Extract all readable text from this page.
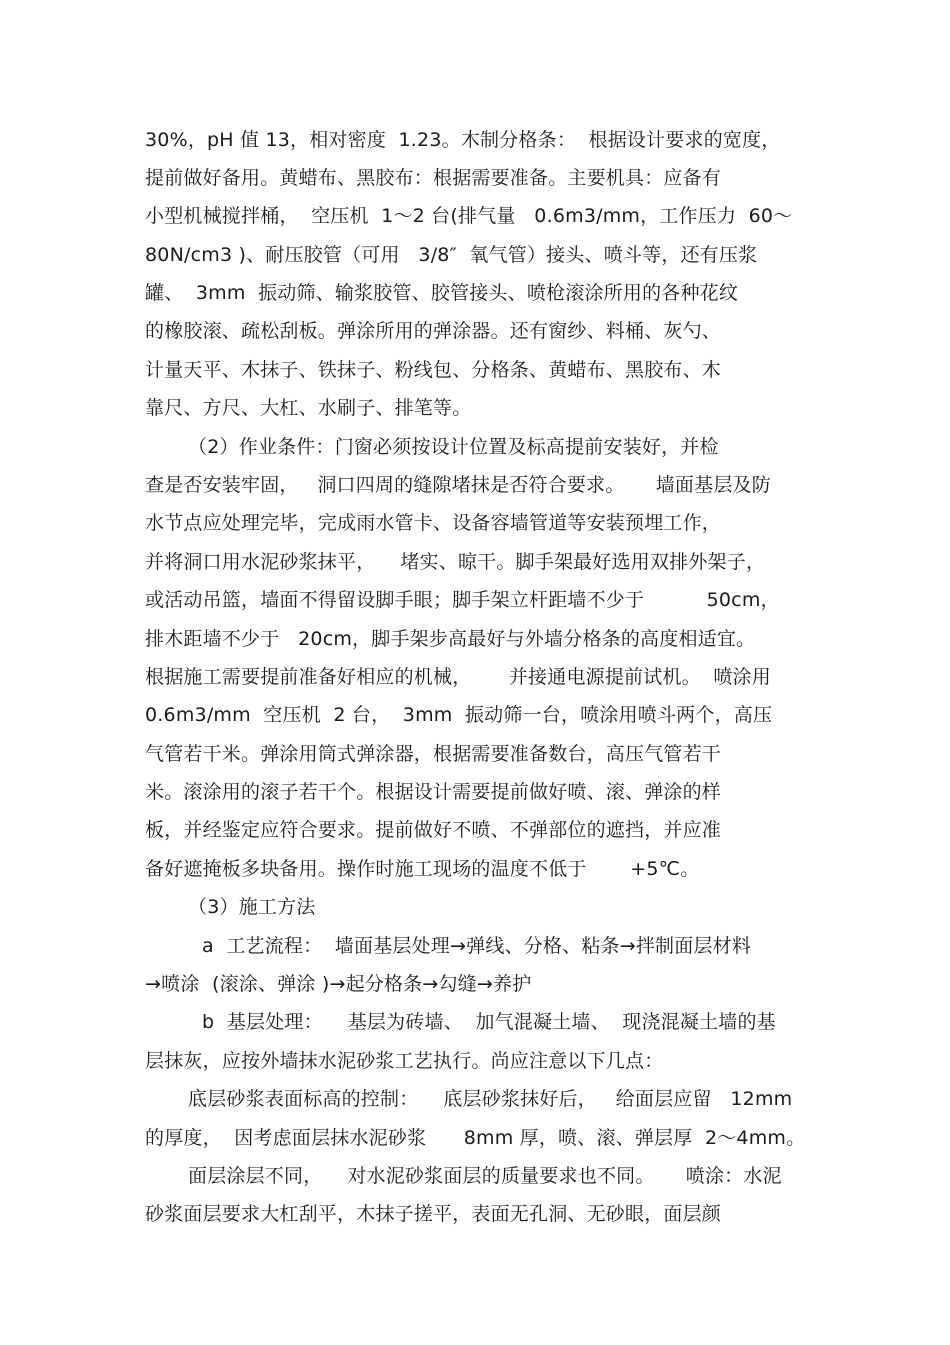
30%，pH 值 13，相对密度  1.23。木制分格条：  根据设计要求的宽度，
提前做好备用。黄蜡布、黑胶布：根据需要准备。主要机具：应备有
小型机械搅拌桶，  空压机  1～2 台(排气量   0.6m3/mm，工作压力  60～
80N/cm3 )、耐压胶管（可用   3/8″  氧气管）接头、喷斗等，还有压浆
罐、  3mm  振动筛、输浆胶管、胶管接头、喷枪滚涂所用的各种花纹
的橡胶滚、疏松刮板。弹涂所用的弹涂器。还有窗纱、料桶、灰勺、
计量天平、木抹子、铁抹子、粉线包、分格条、黄蜡布、黑胶布、木
靠尺、方尺、大杠、水刷子、排笔等。
（2）作业条件：门窗必须按设计位置及标高提前安装好，并检
查是否安装牢固，   洞口四周的缝隙堵抹是否符合要求。     墙面基层及防
水节点应处理完毕，完成雨水管卡、设备容墙管道等安装预埋工作，
并将洞口用水泥砂浆抹平，    堵实、晾干。脚手架最好选用双排外架子，
或活动吊篮，墙面不得留设脚手眼；脚手架立杆距墙不少于          50cm，
排木距墙不少于   20cm，脚手架步高最好与外墙分格条的高度相适宜。
根据施工需要提前准备好相应的机械，      并接通电源提前试机。  喷涂用
0.6m3/mm  空压机  2 台，  3mm  振动筛一台，喷涂用喷斗两个，高压
气管若干米。弹涂用筒式弹涂器，根据需要准备数台，高压气管若干
米。滚涂用的滚子若干个。根据设计需要提前做好喷、滚、弹涂的样
板，并经鉴定应符合要求。提前做好不喷、不弹部位的遮挡，并应准
备好遮掩板多块备用。操作时施工现场的温度不低于       +5℃。
（3）施工方法
a  工艺流程：  墙面基层处理→弹线、分格、粘条→拌制面层材料
→喷涂  (滚涂、弹涂 )→起分格条→勾缝→养护
b  基层处理：    基层为砖墙、  加气混凝土墙、  现浇混凝土墙的基
层抹灰，应按外墙抹水泥砂浆工艺执行。尚应注意以下几点：
底层砂浆表面标高的控制：    底层砂浆抹好后，   给面层应留   12mm
的厚度，  因考虑面层抹水泥砂浆      8mm 厚，喷、滚、弹层厚  2～4mm。
面层涂层不同，    对水泥砂浆面层的质量要求也不同。     喷涂：水泥
砂浆面层要求大杠刮平，木抹子搓平，表面无孔洞、无砂眼，面层颜
